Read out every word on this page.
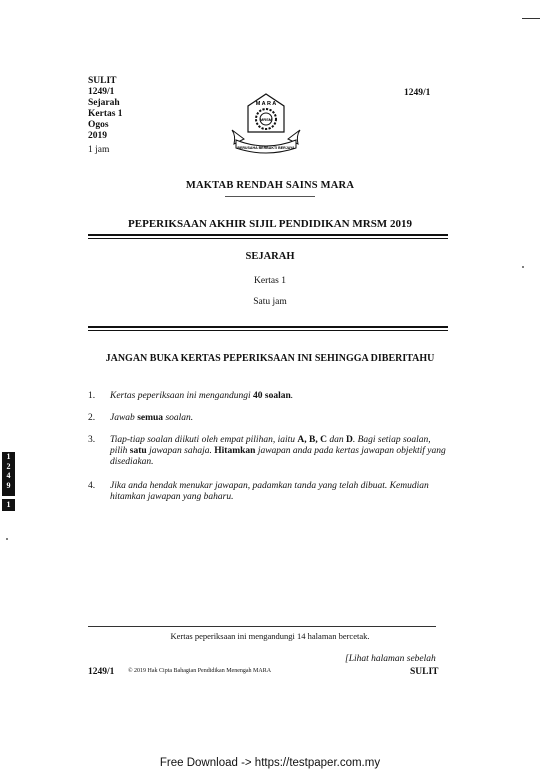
SULIT
1249/1
Sejarah
Kertas 1
Ogos
2019
1 jam
1249/1
M A R A
MRSM
BERUSAHA BERBAKTI BERJAYA
MAKTAB RENDAH SAINS MARA
PEPERIKSAAN AKHIR SIJIL PENDIDIKAN MRSM 2019
SEJARAH
Kertas 1
Satu jam
JANGAN BUKA KERTAS PEPERIKSAAN INI SEHINGGA DIBERITAHU
1. Kertas peperiksaan ini mengandungi 40 soalan.
2. Jawab semua soalan.
3. Tiap-tiap soalan diikuti oleh empat pilihan, iaitu A, B, C dan D. Bagi setiap soalan, pilih satu jawapan sahaja. Hitamkan jawapan anda pada kertas jawapan objektif yang disediakan.
4. Jika anda hendak menukar jawapan, padamkan tanda yang telah dibuat. Kemudian hitamkan jawapan yang baharu.
1
2
4
9
1
Kertas peperiksaan ini mengandungi 14 halaman bercetak.
[Lihat halaman sebelah
1249/1 © 2019 Hak Cipta Bahagian Pendidikan Menengah MARA	SULIT
Free Download -> https://testpaper.com.my
